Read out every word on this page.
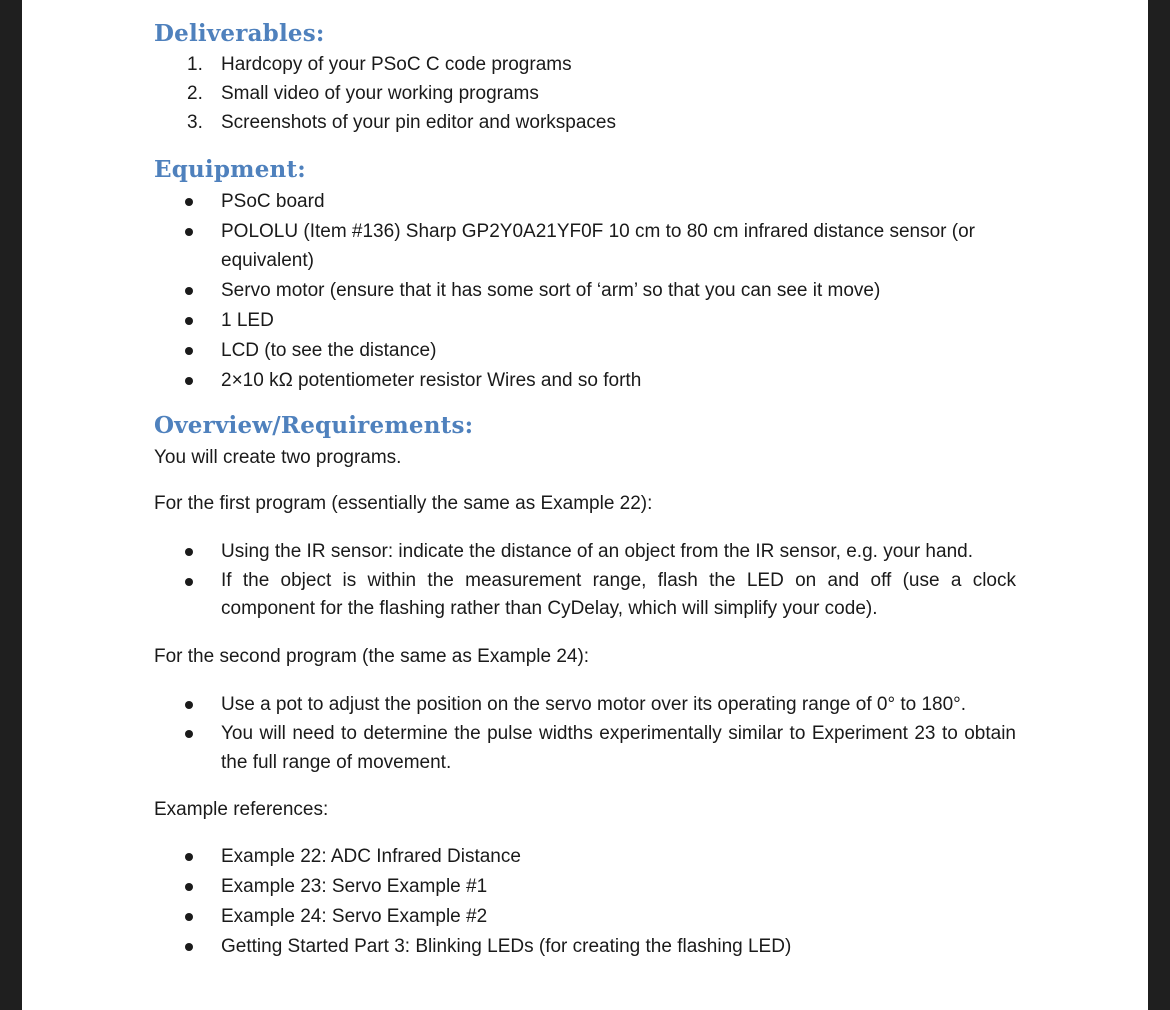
Deliverables:
1. Hardcopy of your PSoC C code programs
2. Small video of your working programs
3. Screenshots of your pin editor and workspaces
Equipment:
PSoC board
POLOLU (Item #136) Sharp GP2Y0A21YF0F 10 cm to 80 cm infrared distance sensor (or equivalent)
Servo motor (ensure that it has some sort of ‘arm’ so that you can see it move)
1 LED
LCD (to see the distance)
2×10 kΩ potentiometer resistor Wires and so forth
Overview/Requirements:

You will create two programs.

For the first program (essentially the same as Example 22):

Using the IR sensor: indicate the distance of an object from the IR sensor, e.g. your hand.
If the object is within the measurement range, flash the LED on and off (use a clock component for the flashing rather than CyDelay, which will simplify your code).

For the second program (the same as Example 24):

Use a pot to adjust the position on the servo motor over its operating range of 0° to 180°.
You will need to determine the pulse widths experimentally similar to Experiment 23 to obtain the full range of movement.

Example references:

Example 22: ADC Infrared Distance
Example 23: Servo Example #1
Example 24: Servo Example #2
Getting Started Part 3: Blinking LEDs (for creating the flashing LED)
